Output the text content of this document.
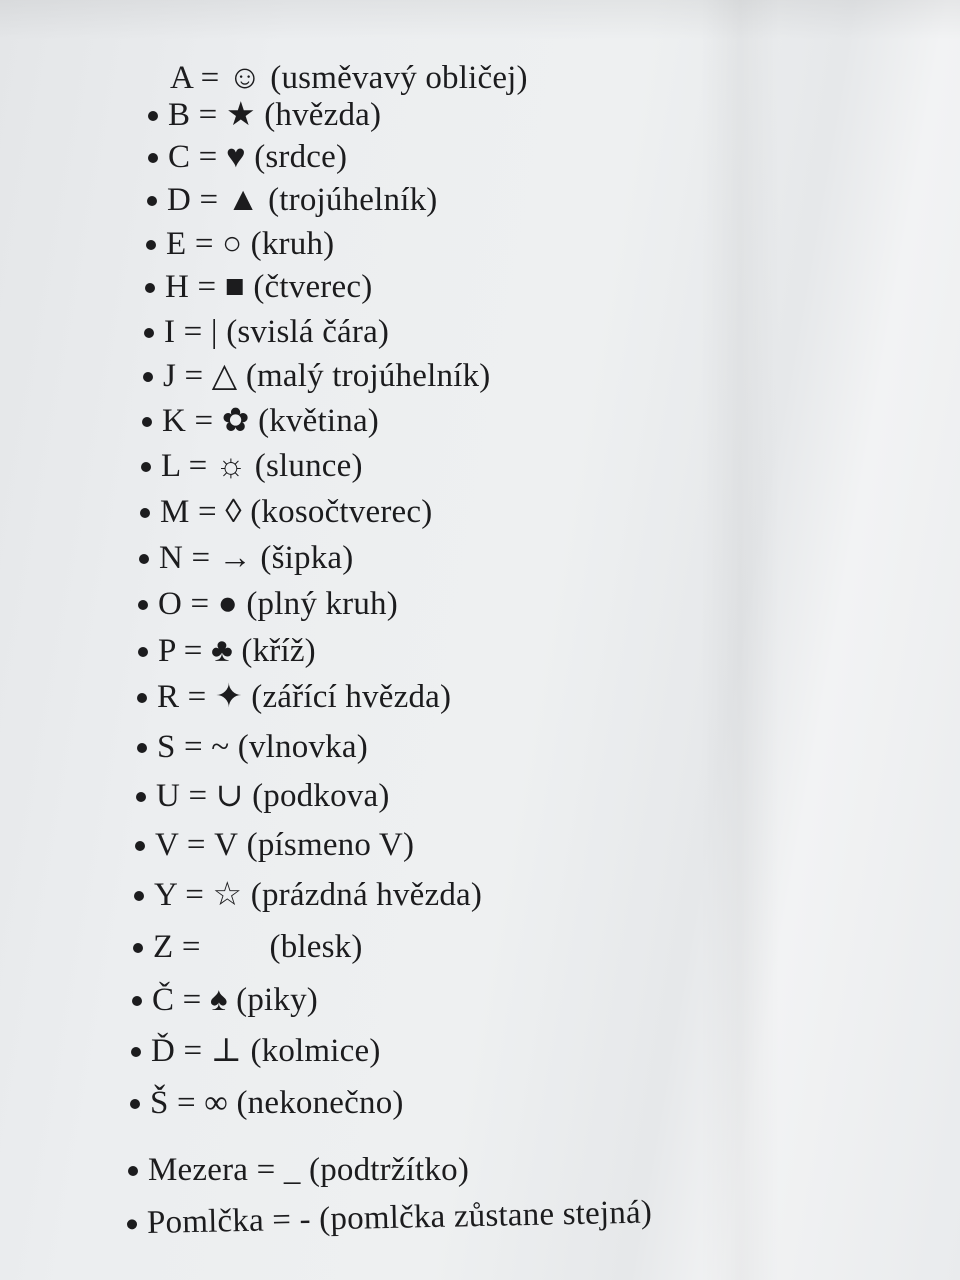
A = ☺ (usměvavý obličej)
B = ★ (hvězda)
C = ♥ (srdce)
D = ▲ (trojúhelník)
E = ○ (kruh)
H = ■ (čtverec)
I = | (svislá čára)
J = △ (malý trojúhelník)
K = ✿ (květina)
L = ☼ (slunce)
M = ◊ (kosočtverec)
N = → (šipka)
O = ● (plný kruh)
P = ♣ (kříž)
R = ✦ (zářící hvězda)
S = ~ (vlnovka)
U = ∪ (podkova)
V = V (písmeno V)
Y = ☆ (prázdná hvězda)
Z = (blesk)
Č = ♠ (piky)
Ď = ⊥ (kolmice)
Š = ∞ (nekonečno)
Mezera = _ (podtržítko)
Pomlčka = - (pomlčka zůstane stejná)
